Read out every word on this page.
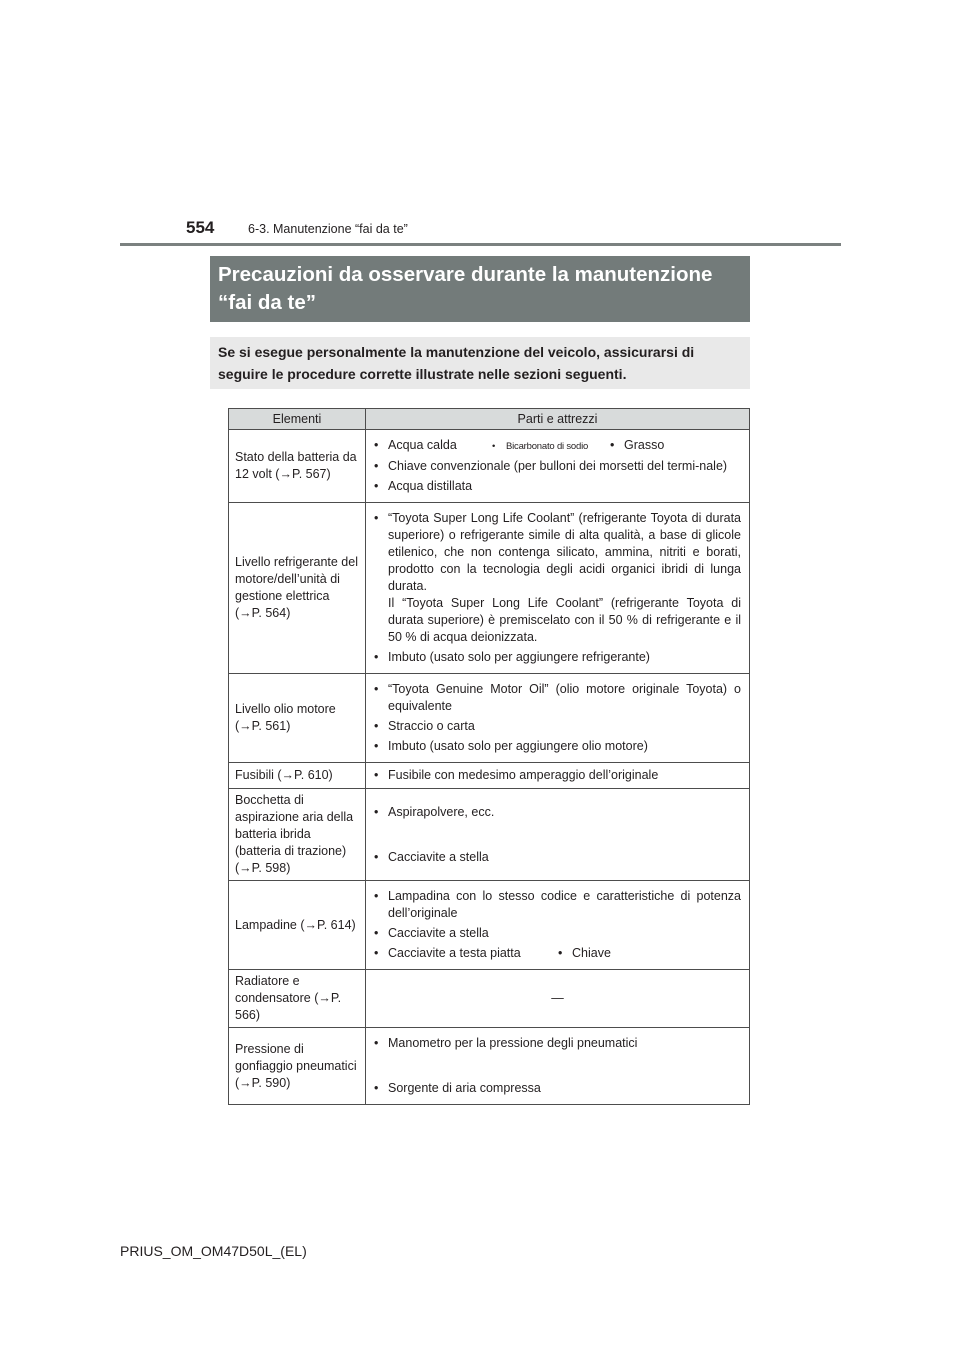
554	6-3. Manutenzione “fai da te”
Precauzioni da osservare durante la manutenzione “fai da te”
Se si esegue personalmente la manutenzione del veicolo, assicurarsi di seguire le procedure corrette illustrate nelle sezioni seguenti.
Elementi	Parti e attrezzi
Stato della batteria da 12 volt (→P. 567)	• Acqua calda • Bicarbonato di sodio • Grasso
• Chiave convenzionale (per bulloni dei morsetti del termi-nale)
• Acqua distillata

Livello refrigerante del motore/dell’unità di gestione elettrica (→P. 564)	• “Toyota Super Long Life Coolant” (refrigerante Toyota di durata superiore) o refrigerante simile di alta qualità, a base di glicole etilenico, che non contenga silicato, ammina, nitriti e borati, prodotto con la tecnologia degli acidi organici ibridi di lunga durata.
Il “Toyota Super Long Life Coolant” (refrigerante Toyota di durata superiore) è premiscelato con il 50 % di refrigerante e il 50 % di acqua deionizzata.
• Imbuto (usato solo per aggiungere refrigerante)

Livello olio motore (→P. 561)	• “Toyota Genuine Motor Oil” (olio motore originale Toyota) o equivalente
• Straccio o carta
• Imbuto (usato solo per aggiungere olio motore)

Fusibili (→P. 610)	• Fusibile con medesimo amperaggio dell’originale

Bocchetta di aspirazione aria della batteria ibrida (batteria di trazione) (→P. 598)	• Aspirapolvere, ecc.
• Cacciavite a stella

Lampadine (→P. 614)	• Lampadina con lo stesso codice e caratteristiche di potenza dell’originale
• Cacciavite a stella
• Cacciavite a testa piatta • Chiave

Radiatore e condensatore (→P. 566)	—
Pressione di gonfiaggio pneumatici (→P. 590)	• Manometro per la pressione degli pneumatici
• Sorgente di aria compressa
PRIUS_OM_OM47D50L_(EL)
